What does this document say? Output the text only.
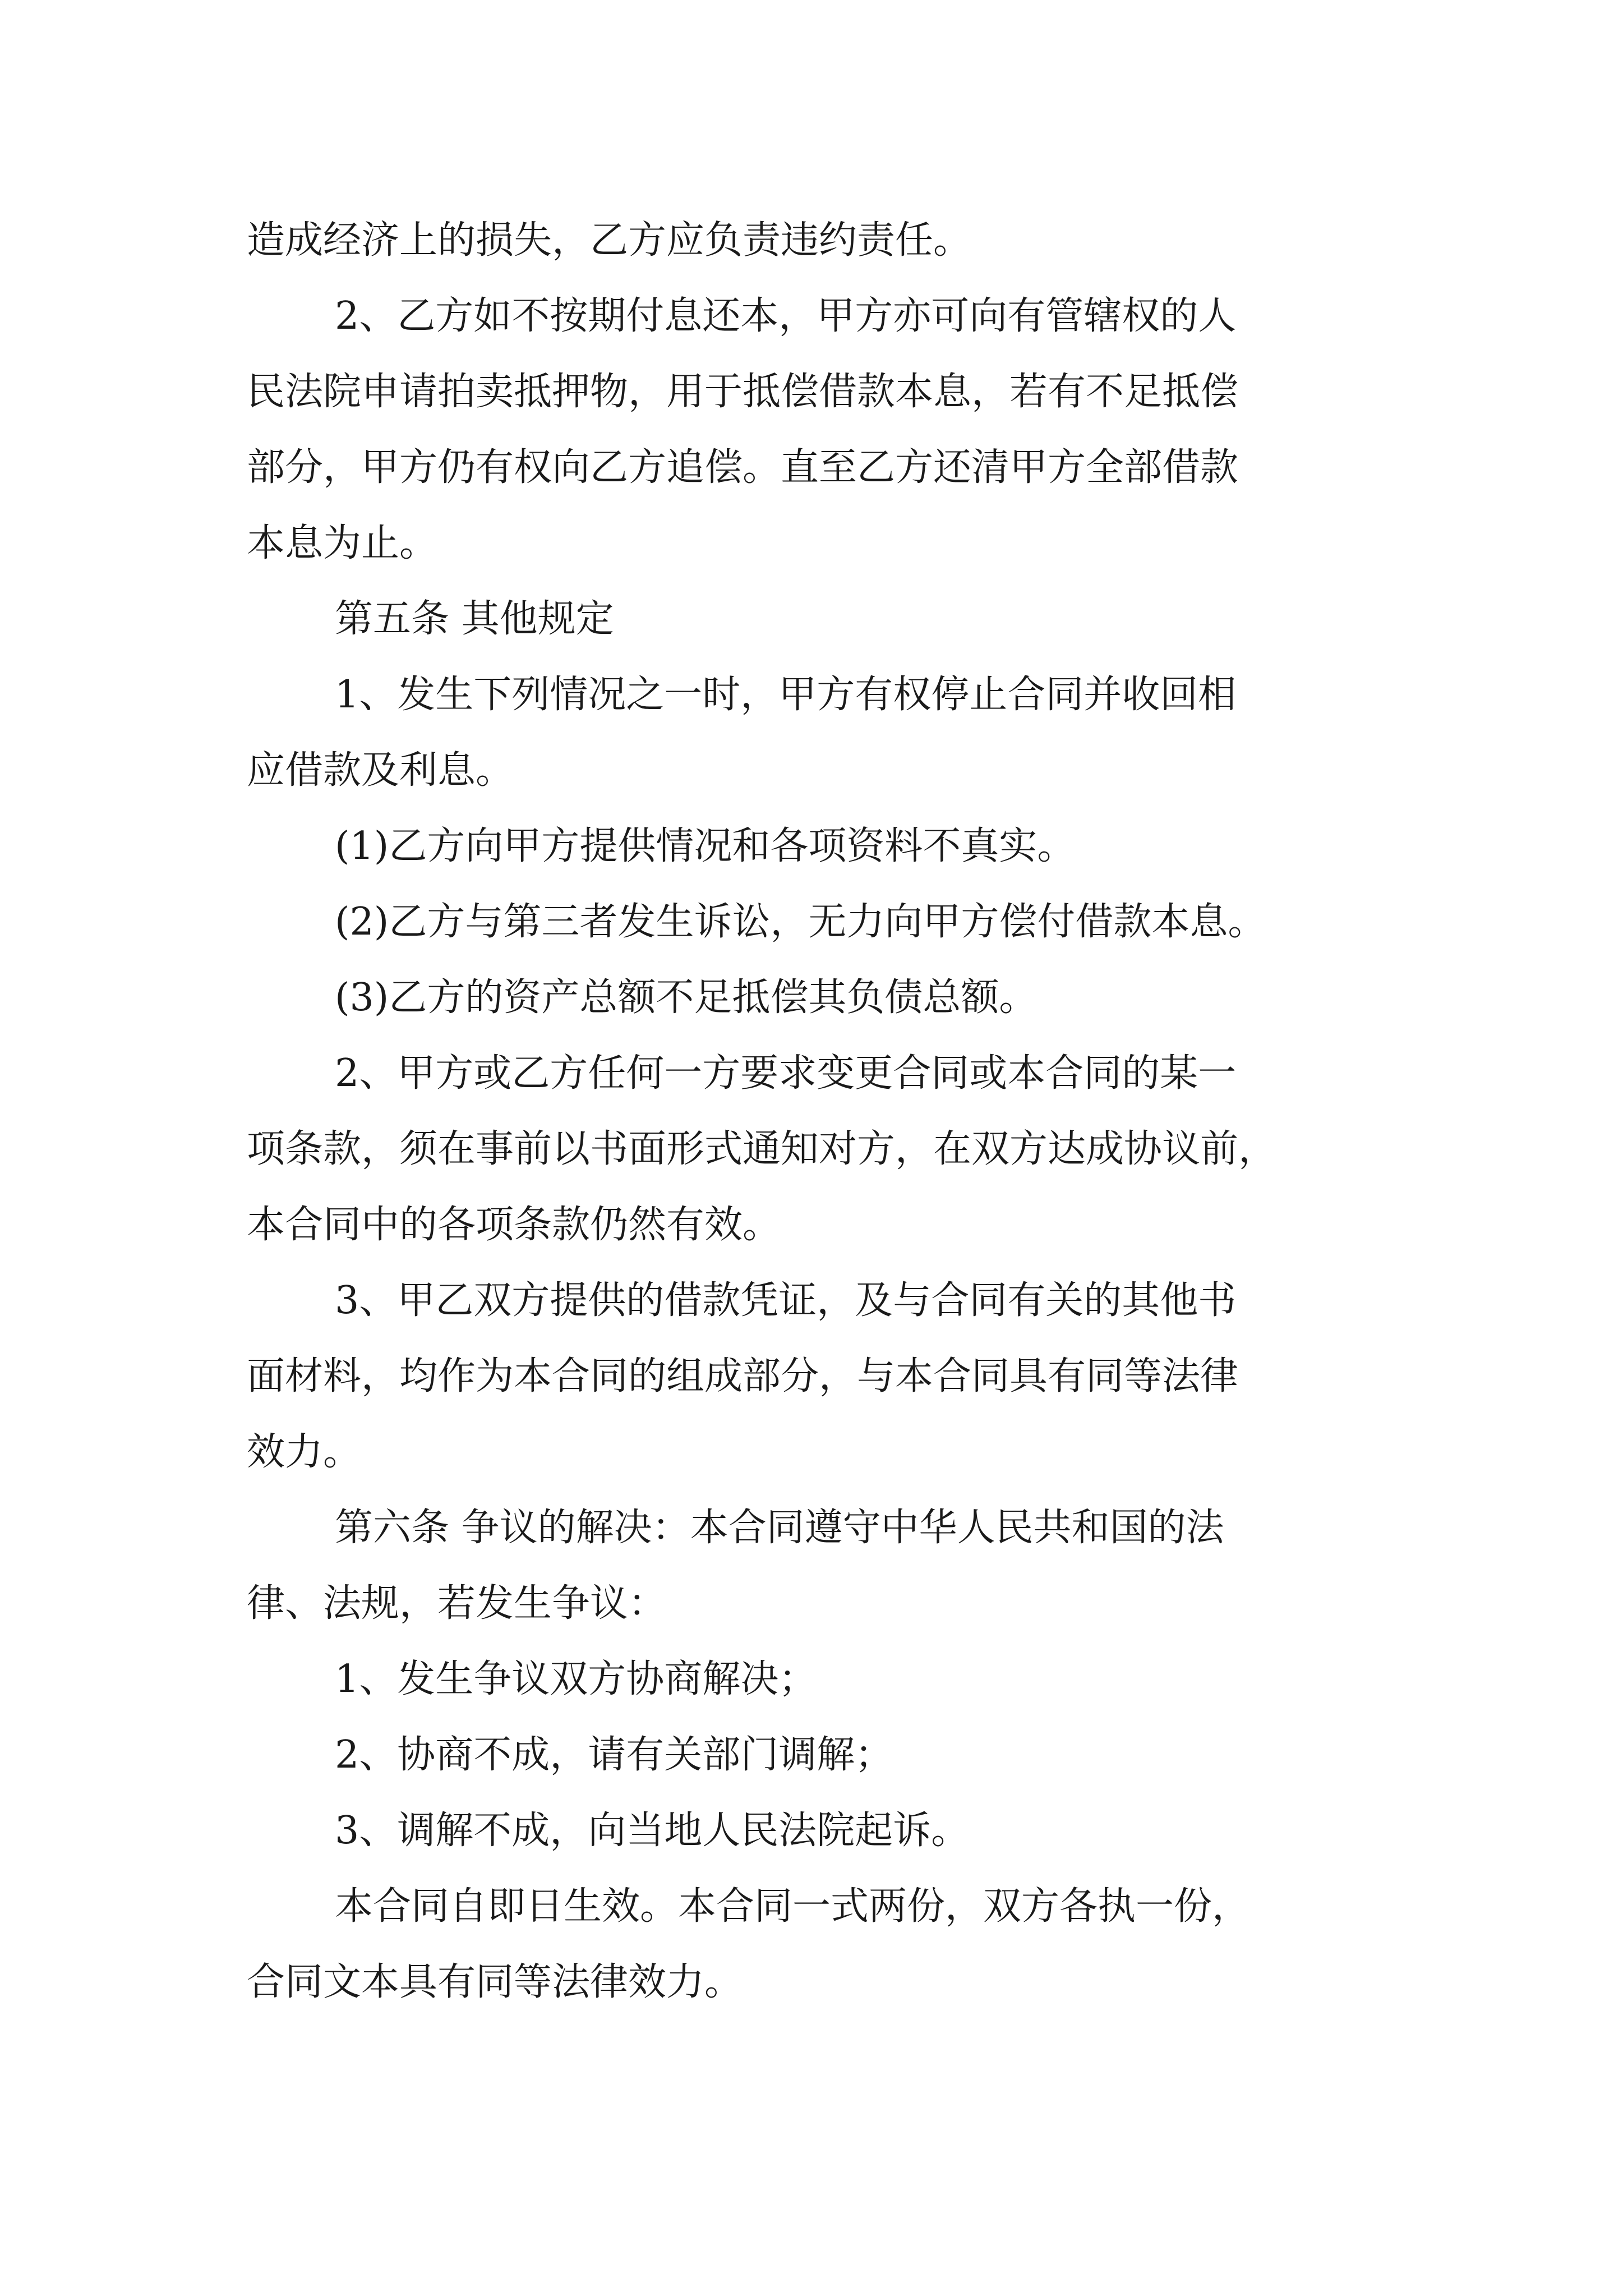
造成经济上的损失，乙方应负责违约责任。

2、乙方如不按期付息还本，甲方亦可向有管辖权的人

民法院申请拍卖抵押物，用于抵偿借款本息，若有不足抵偿

部分，甲方仍有权向乙方追偿。直至乙方还清甲方全部借款

本息为止。

第五条 其他规定

1、发生下列情况之一时，甲方有权停止合同并收回相

应借款及利息。

(1)乙方向甲方提供情况和各项资料不真实。

(2)乙方与第三者发生诉讼，无力向甲方偿付借款本息。

(3)乙方的资产总额不足抵偿其负债总额。

2、甲方或乙方任何一方要求变更合同或本合同的某一

项条款，须在事前以书面形式通知对方，在双方达成协议前，

本合同中的各项条款仍然有效。

3、甲乙双方提供的借款凭证，及与合同有关的其他书

面材料，均作为本合同的组成部分，与本合同具有同等法律

效力。

第六条 争议的解决：本合同遵守中华人民共和国的法

律、法规，若发生争议：

1、发生争议双方协商解决；

2、协商不成，请有关部门调解；

3、调解不成，向当地人民法院起诉。

本合同自即日生效。本合同一式两份，双方各执一份，

合同文本具有同等法律效力。
